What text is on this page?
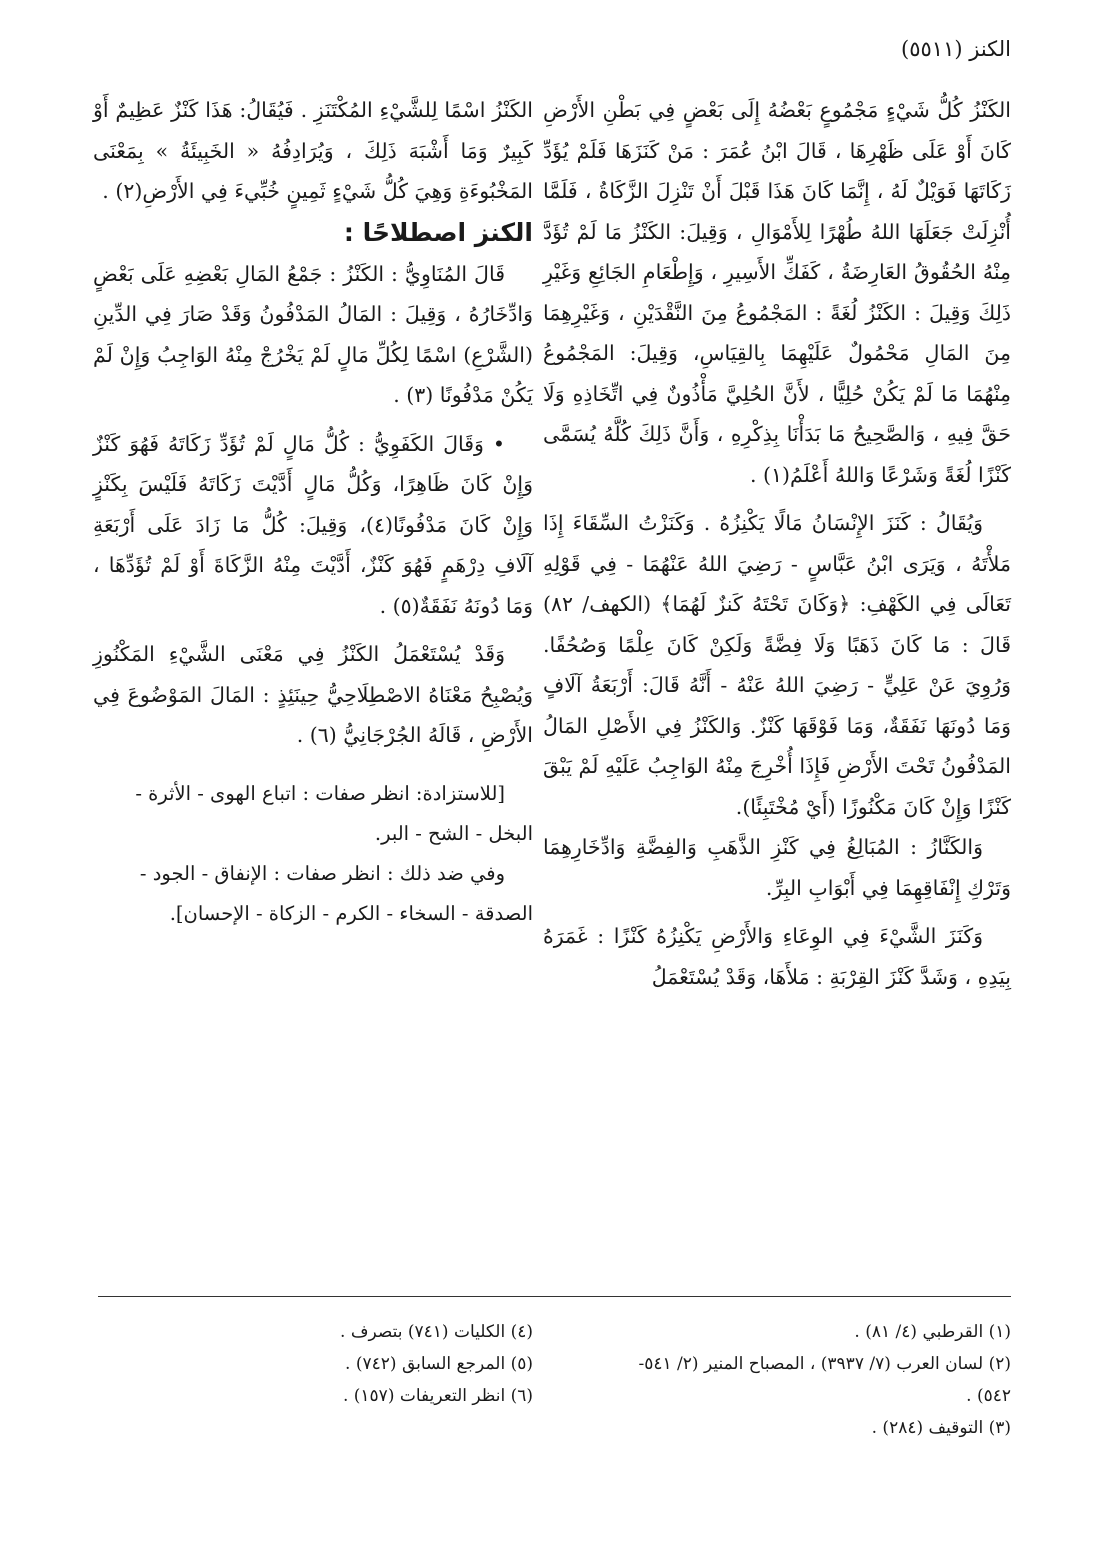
الكنز (٥٥١١)

الكَنْزُ كُلُّ شَيْءٍ مَجْمُوعٍ بَعْضُهُ إِلَى بَعْضٍ فِي بَطْنِ الأَرْضِ كَانَ أَوْ عَلَى ظَهْرِهَا ، قَالَ ابْنُ عُمَرَ : مَنْ كَنَزَهَا فَلَمْ يُؤَدِّ زَكَاتَهَا فَوَيْلٌ لَهُ ، إِنَّمَا كَانَ هَذَا قَبْلَ أَنْ تَنْزِلَ الزَّكَاةُ ، فَلَمَّا أُنْزِلَتْ جَعَلَهَا اللهُ طُهْرًا لِلأَمْوَالِ ، وَقِيلَ: الكَنْزُ مَا لَمْ تُؤَدَّ مِنْهُ الحُقُوقُ العَارِضَةُ ، كَفَكِّ الأَسِيرِ ، وَإِطْعَامِ الجَائِعِ وَغَيْرِ ذَلِكَ وَقِيلَ : الكَنْزُ لُغَةً : المَجْمُوعُ مِنَ النَّقْدَيْنِ ، وَغَيْرِهِمَا مِنَ المَالِ مَحْمُولٌ عَلَيْهِمَا بِالقِيَاسِ، وَقِيلَ: المَجْمُوعُ مِنْهُمَا مَا لَمْ يَكُنْ حُلِيًّا ، لأَنَّ الحُلِيَّ مَأْذُونٌ فِي اتِّخَاذِهِ وَلَا حَقَّ فِيهِ ، وَالصَّحِيحُ مَا بَدَأْنَا بِذِكْرِهِ ، وَأَنَّ ذَلِكَ كُلَّهُ يُسَمَّى كَنْزًا لُغَةً وَشَرْعًا وَاللهُ أَعْلَمُ(١) .

وَيُقَالُ : كَنَزَ الإِنْسَانُ مَالًا يَكْنِزُهُ . وَكَنَزْتُ السِّقَاءَ إِذَا مَلأْتَهُ ، وَيَرَى ابْنُ عَبَّاسٍ - رَضِيَ اللهُ عَنْهُمَا - فِي قَوْلِهِ تَعَالَى فِي الكَهْفِ: ﴿وَكَانَ تَحْتَهُ كَنزٌ لَهُمَا﴾ (الكهف/ ٨٢) قَالَ : مَا كَانَ ذَهَبًا وَلَا فِضَّةً وَلَكِنْ كَانَ عِلْمًا وَصُحُفًا. وَرُوِيَ عَنْ عَلِيٍّ - رَضِيَ اللهُ عَنْهُ - أَنَّهُ قَالَ: أَرْبَعَةُ آلَافٍ وَمَا دُونَهَا نَفَقَةٌ، وَمَا فَوْقَهَا كَنْزٌ. وَالكَنْزُ فِي الأَصْلِ المَالُ المَدْفُونُ تَحْتَ الأَرْضِ فَإِذَا أُخْرِجَ مِنْهُ الوَاجِبُ عَلَيْهِ لَمْ يَبْقَ كَنْزًا وَإِنْ كَانَ مَكْنُوزًا (أَيْ مُخْتَبِئًا).

وَالكَنَّازُ : المُبَالِغُ فِي كَنْزِ الذَّهَبِ وَالفِضَّةِ وَادِّخَارِهِمَا وَتَرْكِ إِنْفَاقِهِمَا فِي أَبْوَابِ البِرِّ.

وَكَنَزَ الشَّيْءَ فِي الوِعَاءِ وَالأَرْضِ يَكْنِزُهُ كَنْزًا : غَمَرَهُ بِيَدِهِ ، وَشَدَّ كَنْزَ القِرْبَةِ : مَلأَهَا، وَقَدْ يُسْتَعْمَلُ

الكَنْزُ اسْمًا لِلشَّيْءِ المُكْتَنَزِ . فَيُقَالُ: هَذَا كَنْزٌ عَظِيمٌ أَوْ كَبِيرٌ وَمَا أَشْبَهَ ذَلِكَ ، وَيُرَادِفُهُ « الخَبِيئَةُ » بِمَعْنَى المَخْبُوءَةِ وَهِيَ كُلُّ شَيْءٍ ثَمِينٍ خُبِّيءَ فِي الأَرْضِ(٢) .

الكنز اصطلاحًا :

قَالَ المُنَاوِيُّ : الكَنْزُ : جَمْعُ المَالِ بَعْضِهِ عَلَى بَعْضٍ وَادِّخَارُهُ ، وَقِيلَ : المَالُ المَدْفُونُ وَقَدْ صَارَ فِي الدِّينِ (الشَّرْعِ) اسْمًا لِكُلِّ مَالٍ لَمْ يَخْرُجْ مِنْهُ الوَاجِبُ وَإِنْ لَمْ يَكُنْ مَدْفُونًا (٣) .

• وَقَالَ الكَفَوِيُّ : كُلُّ مَالٍ لَمْ تُؤَدِّ زَكَاتَهُ فَهُوَ كَنْزٌ وَإِنْ كَانَ ظَاهِرًا، وَكُلُّ مَالٍ أَدَّيْتَ زَكَاتَهُ فَلَيْسَ بِكَنْزٍ وَإِنْ كَانَ مَدْفُونًا(٤)، وَقِيلَ: كُلُّ مَا زَادَ عَلَى أَرْبَعَةِ آلَافِ دِرْهَمٍ فَهُوَ كَنْزٌ، أَدَّيْتَ مِنْهُ الزَّكَاةَ أَوْ لَمْ تُؤَدِّهَا ، وَمَا دُونَهُ نَفَقَةٌ(٥) .

وَقَدْ يُسْتَعْمَلُ الكَنْزُ فِي مَعْنَى الشَّيْءِ المَكْنُوزِ وَيُصْبِحُ مَعْنَاهُ الاصْطِلَاحِيُّ حِينَئِذٍ : المَالَ المَوْضُوعَ فِي الأَرْضِ ، قَالَهُ الجُرْجَانِيُّ (٦) .

[للاستزادة: انظر صفات : اتباع الهوى - الأثرة -

البخل - الشح - البر.

وفي ضد ذلك : انظر صفات : الإنفاق - الجود -

الصدقة - السخاء - الكرم - الزكاة - الإحسان].

(١) القرطبي (٤/ ٨١) .

(٢) لسان العرب (٧/ ٣٩٣٧) ، المصباح المنير (٢/ ٥٤١-

٥٤٢) .

(٣) التوقيف (٢٨٤) .

(٤) الكليات (٧٤١) بتصرف .

(٥) المرجع السابق (٧٤٢) .

(٦) انظر التعريفات (١٥٧) .
